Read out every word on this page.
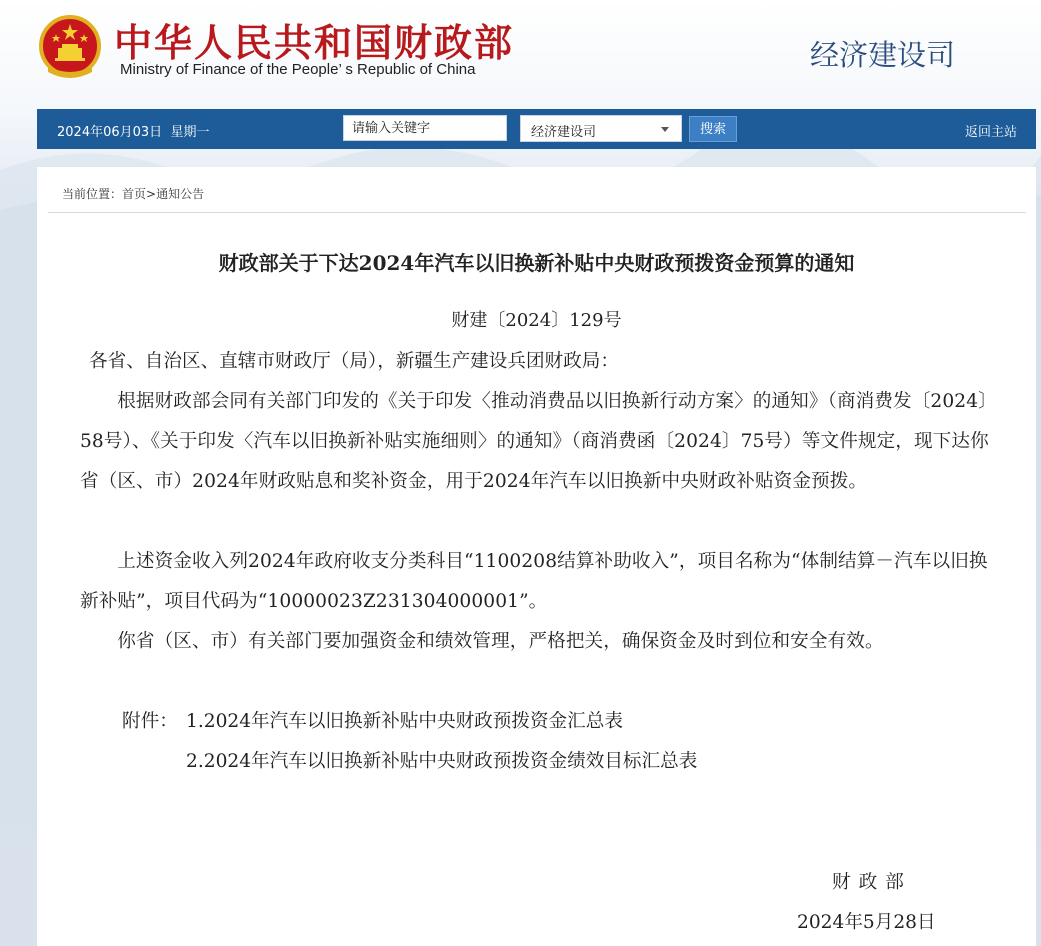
中华人民共和国财政部
Ministry of Finance of the People’ s Republic of China	经济建设司
2024年06月03日 星期一
请输入关键字	经济建设司	搜索	返回主站
当前位置：首页>通知公告
财政部关于下达2024年汽车以旧换新补贴中央财政预拨资金预算的通知
财建〔2024〕129号
各省、自治区、直辖市财政厅（局），新疆生产建设兵团财政局：
根据财政部会同有关部门印发的《关于印发〈推动消费品以旧换新行动方案〉的通知》（商消费发〔2024〕58号）、《关于印发〈汽车以旧换新补贴实施细则〉的通知》（商消费函〔2024〕75号）等文件规定，现下达你省（区、市）2024年财政贴息和奖补资金，用于2024年汽车以旧换新中央财政补贴资金预拨。
上述资金收入列2024年政府收支分类科目“1100208结算补助收入”，项目名称为“体制结算－汽车以旧换新补贴”，项目代码为“10000023Z231304000001”。
你省（区、市）有关部门要加强资金和绩效管理，严格把关，确保资金及时到位和安全有效。
附件： 1.2024年汽车以旧换新补贴中央财政预拨资金汇总表
2.2024年汽车以旧换新补贴中央财政预拨资金绩效目标汇总表
财政部
2024年5月28日
